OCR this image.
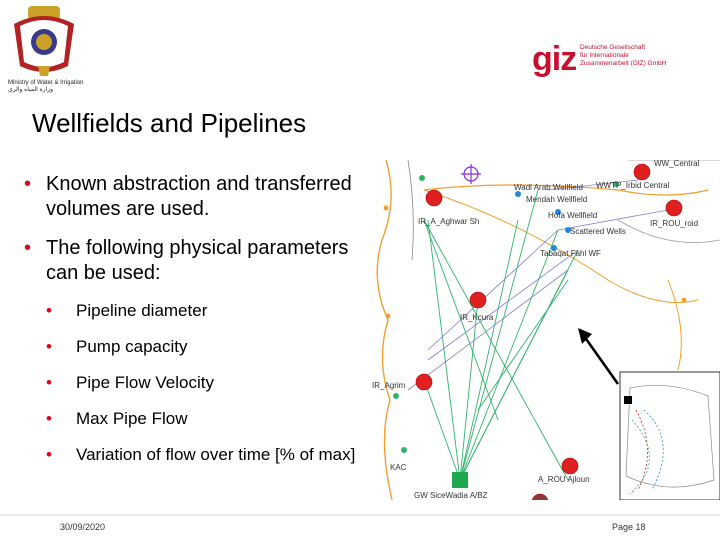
Ministry of Water & Irrigation
وزارة المياه والري
giz Deutsche Gesellschaft
für Internationale
Zusammenarbeit (GIZ) GmbH
Wellfields and Pipelines
• Known abstraction and transferred volumes are used.
• The following physical parameters can be used:
• Pipeline diameter
• Pump capacity
• Pipe Flow Velocity
• Max Pipe Flow
• Variation of flow over time [% of max]
Wadi Arab Wellfield WWTP_Irbid Central
Mendah Wellfield
IR_A_Aghwar Sh
Hofa Wellfield
IR_ROU_roid
Scattered Wells
Tabaqat Fahl WF
IR_Kcura
IR_Agrim
KAC
A_ROU Ajloun
GW SiceWadia A/BZ
WW_Central
30/09/2020	Page 18
